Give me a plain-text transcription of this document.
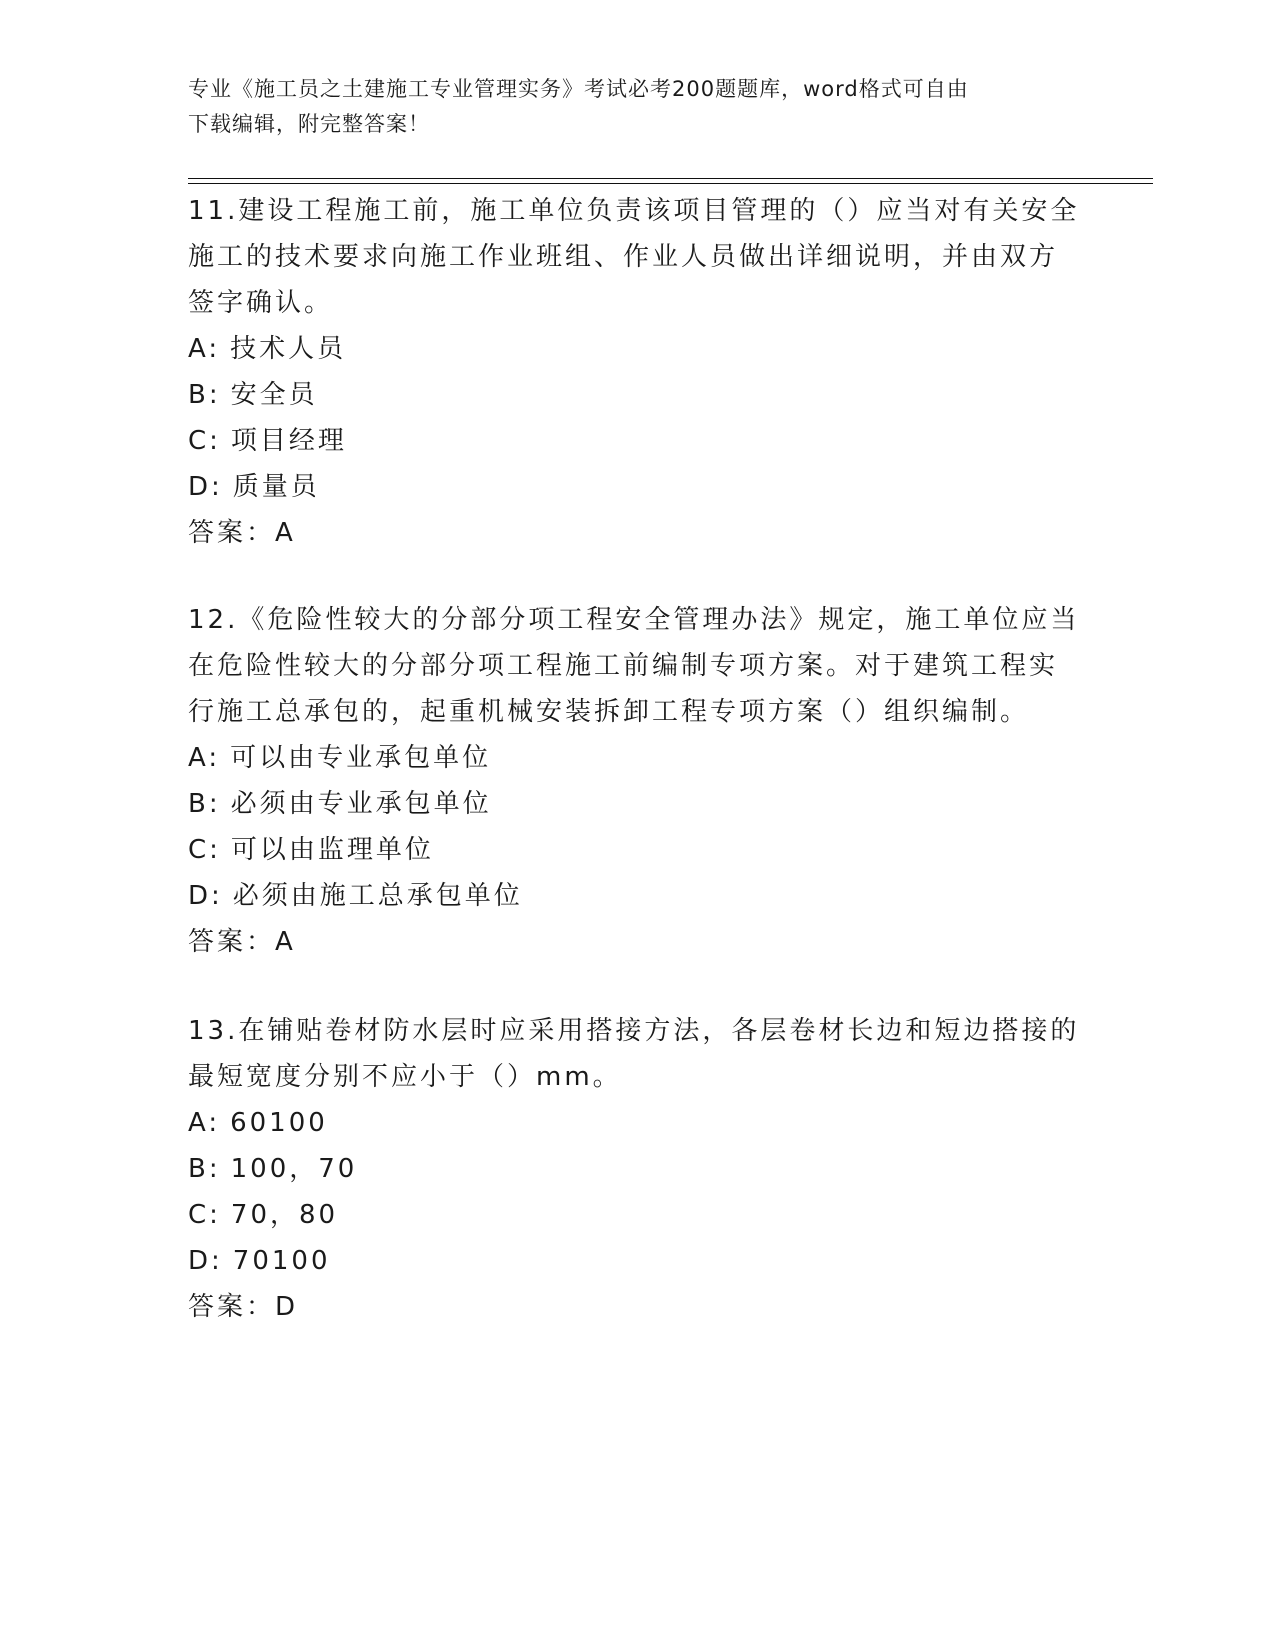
专业《施工员之土建施工专业管理实务》考试必考200题题库，word格式可自由
下载编辑，附完整答案！

11.建设工程施工前，施工单位负责该项目管理的（）应当对有关安全

施工的技术要求向施工作业班组、作业人员做出详细说明，并由双方

签字确认。

A: 技术人员

B: 安全员

C: 项目经理

D: 质量员

答案：A

12.《危险性较大的分部分项工程安全管理办法》规定，施工单位应当

在危险性较大的分部分项工程施工前编制专项方案。对于建筑工程实

行施工总承包的，起重机械安装拆卸工程专项方案（）组织编制。

A: 可以由专业承包单位

B: 必须由专业承包单位

C: 可以由监理单位

D: 必须由施工总承包单位

答案：A

13.在铺贴卷材防水层时应采用搭接方法，各层卷材长边和短边搭接的

最短宽度分别不应小于（）mm。

A: 60100

B: 100，70

C: 70，80

D: 70100

答案：D
